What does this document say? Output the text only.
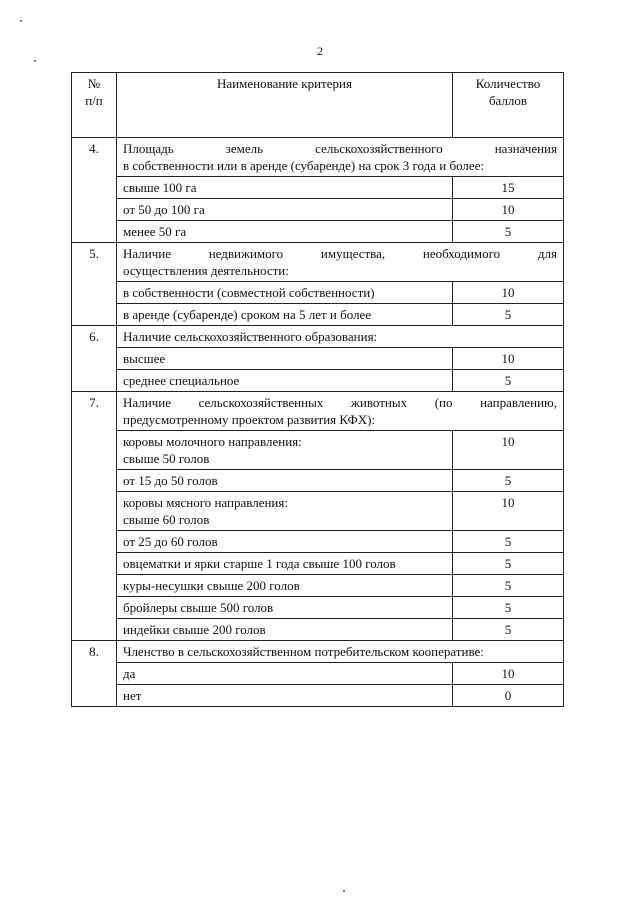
2
№
п/п	Наименование критерия	Количество
баллов

4.	Площадь земель сельскохозяйственного назначения
в собственности или в аренде (субаренде) на срок 3 года и более:	

	свыше 100 га	15

	от 50 до 100 га	10

	менее 50 га	5
5.	Наличие недвижимого имущества, необходимого для
осуществления деятельности:	

	в собственности (совместной собственности)	10

	в аренде (субаренде) сроком на 5 лет и более	5
6.	Наличие сельскохозяйственного образования:	

	высшее	10

	среднее специальное	5
7.	Наличие сельскохозяйственных животных (по направлению,
предусмотренному проектом развития КФХ):	

	коровы молочного направления:
свыше 50 голов	10

	от 15 до 50 голов	5

	коровы мясного направления:
свыше 60 голов	10

	от 25 до 60 голов	5

	овцематки и ярки старше 1 года свыше 100 голов	5

	куры-несушки свыше 200 голов	5

	бройлеры свыше 500 голов	5

	индейки свыше 200 голов	5
8.	Членство в сельскохозяйственном потребительском кооперативе:	

	да	10

	нет	0
